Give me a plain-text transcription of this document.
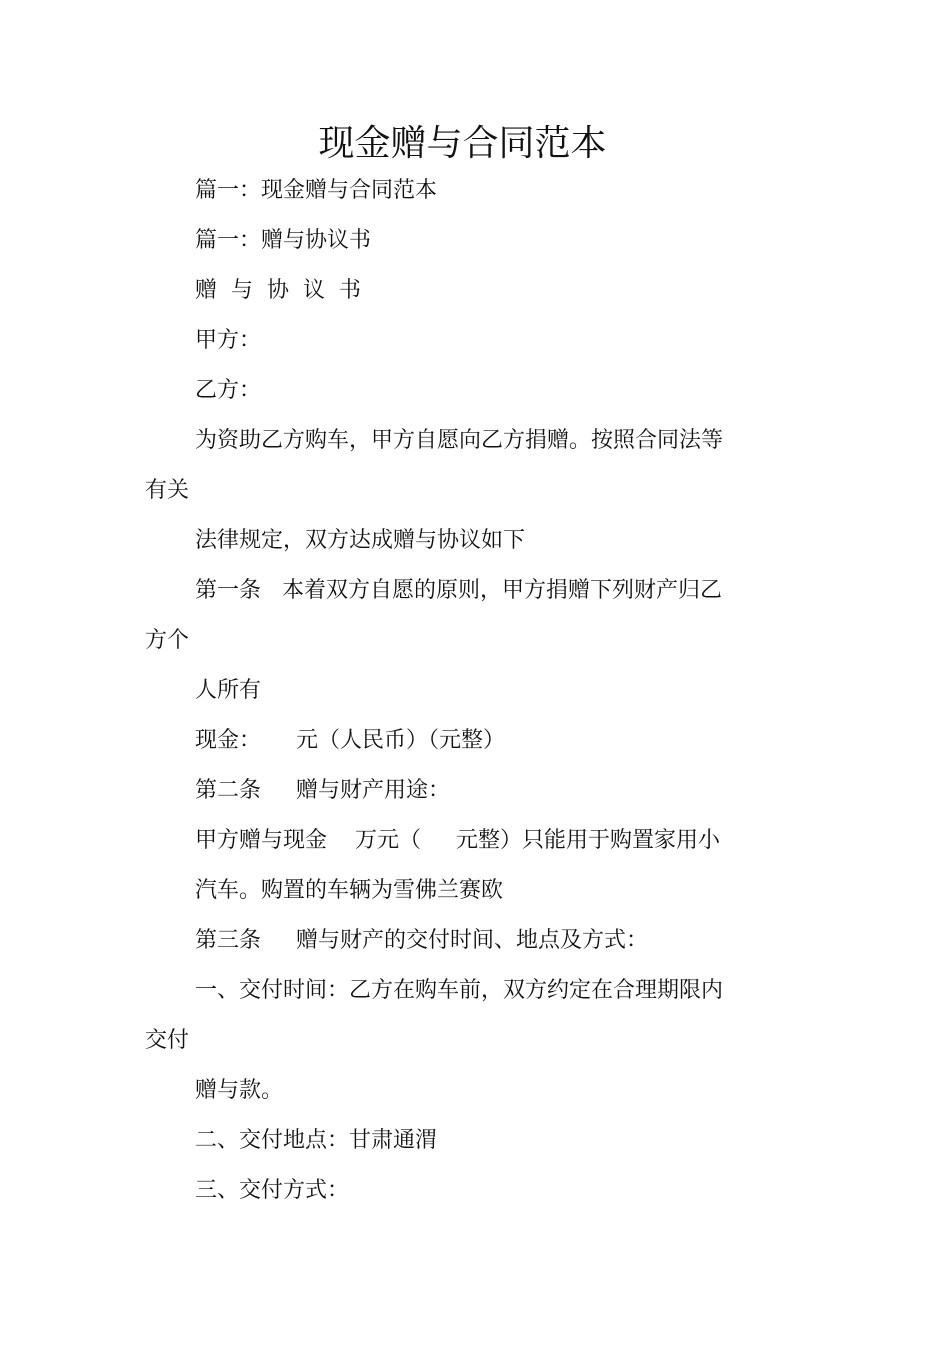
现金赠与合同范本
篇一：现金赠与合同范本
篇一：赠与协议书
赠  与  协  议  书
甲方：
乙方：
为资助乙方购车，甲方自愿向乙方捐赠。按照合同法等
有关
法律规定，双方达成赠与协议如下
第一条   本着双方自愿的原则，甲方捐赠下列财产归乙
方个
人所有
现金：     元（人民币）（元整）
第二条     赠与财产用途：
甲方赠与现金    万元（     元整）只能用于购置家用小
汽车。购置的车辆为雪佛兰赛欧
第三条     赠与财产的交付时间、地点及方式：
一、交付时间：乙方在购车前，双方约定在合理期限内
交付
赠与款。
二、交付地点：甘肃通渭
三、交付方式：
